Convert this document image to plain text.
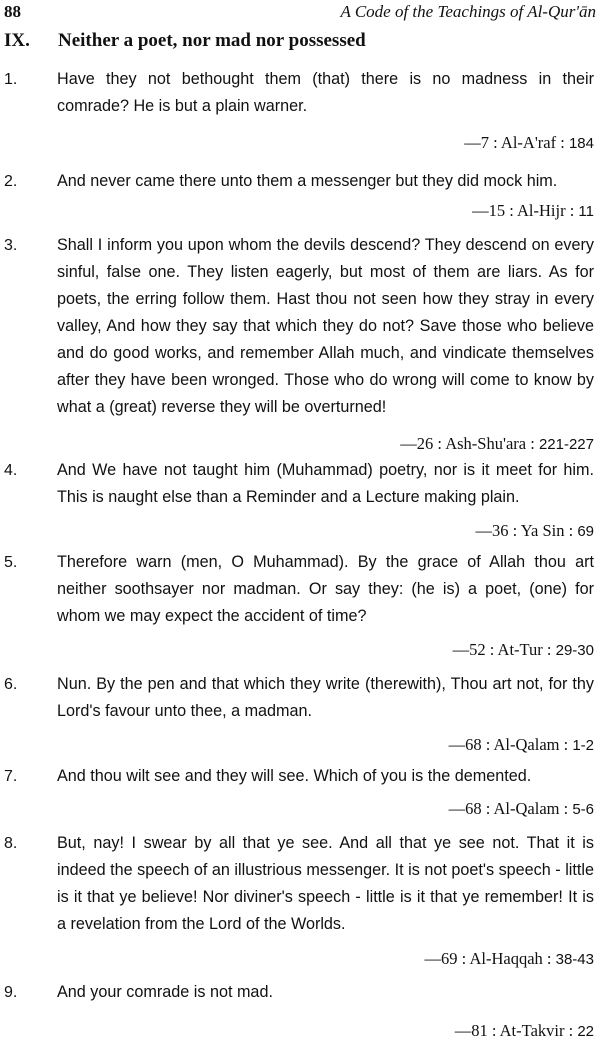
88	A Code of the Teachings of Al-Qur'ān
IX. Neither a poet, nor mad nor possessed
1. Have they not bethought them (that) there is no madness in their comrade? He is but a plain warner.
—7 : Al-A'raf : 184
2. And never came there unto them a messenger but they did mock him.
—15 : Al-Hijr : 11
3. Shall I inform you upon whom the devils descend? They descend on every sinful, false one. They listen eagerly, but most of them are liars. As for poets, the erring follow them. Hast thou not seen how they stray in every valley, And how they say that which they do not? Save those who believe and do good works, and remember Allah much, and vindicate themselves after they have been wronged. Those who do wrong will come to know by what a (great) reverse they will be overturned!
—26 : Ash-Shu'ara : 221-227
4. And We have not taught him (Muhammad) poetry, nor is it meet for him. This is naught else than a Reminder and a Lecture making plain.
—36 : Ya Sin : 69
5. Therefore warn (men, O Muhammad). By the grace of Allah thou art neither soothsayer nor madman. Or say they: (he is) a poet, (one) for whom we may expect the accident of time?
—52 : At-Tur : 29-30
6. Nun. By the pen and that which they write (therewith), Thou art not, for thy Lord's favour unto thee, a madman.
—68 : Al-Qalam : 1-2
7. And thou wilt see and they will see. Which of you is the demented.
—68 : Al-Qalam : 5-6
8. But, nay! I swear by all that ye see. And all that ye see not. That it is indeed the speech of an illustrious messenger. It is not poet's speech - little is it that ye believe! Nor diviner's speech - little is it that ye remember! It is a revelation from the Lord of the Worlds.
—69 : Al-Haqqah : 38-43
9. And your comrade is not mad.
—81 : At-Takvir : 22
